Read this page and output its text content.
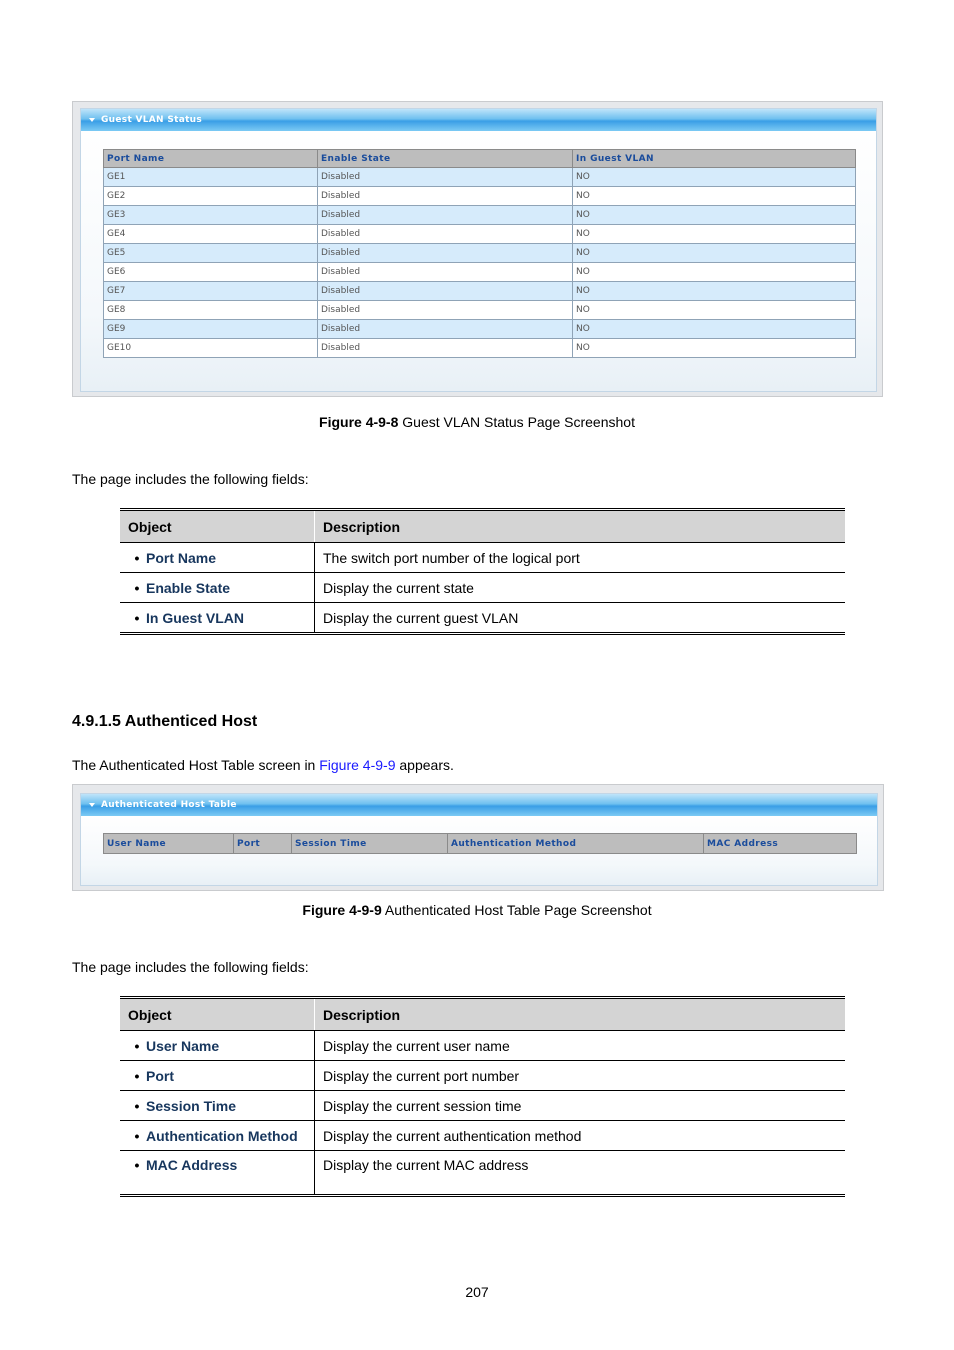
Guest VLAN Status
Port Name	Enable State	In Guest VLAN
GE1	Disabled	NO
GE2	Disabled	NO
GE3	Disabled	NO
GE4	Disabled	NO
GE5	Disabled	NO
GE6	Disabled	NO
GE7	Disabled	NO
GE8	Disabled	NO
GE9	Disabled	NO
GE10	Disabled	NO
Figure 4-9-8 Guest VLAN Status Page Screenshot
The page includes the following fields:
Object	Description
• Port Name	The switch port number of the logical port
• Enable State	Display the current state
• In Guest VLAN	Display the current guest VLAN
4.9.1.5 Authenticed Host
The Authenticated Host Table screen in Figure 4-9-9 appears.
Authenticated Host Table
User Name	Port	Session Time	Authentication Method	MAC Address
Figure 4-9-9 Authenticated Host Table Page Screenshot
The page includes the following fields:
Object	Description
• User Name	Display the current user name
• Port	Display the current port number
• Session Time	Display the current session time
• Authentication Method	Display the current authentication method
• MAC Address	Display the current MAC address
207
